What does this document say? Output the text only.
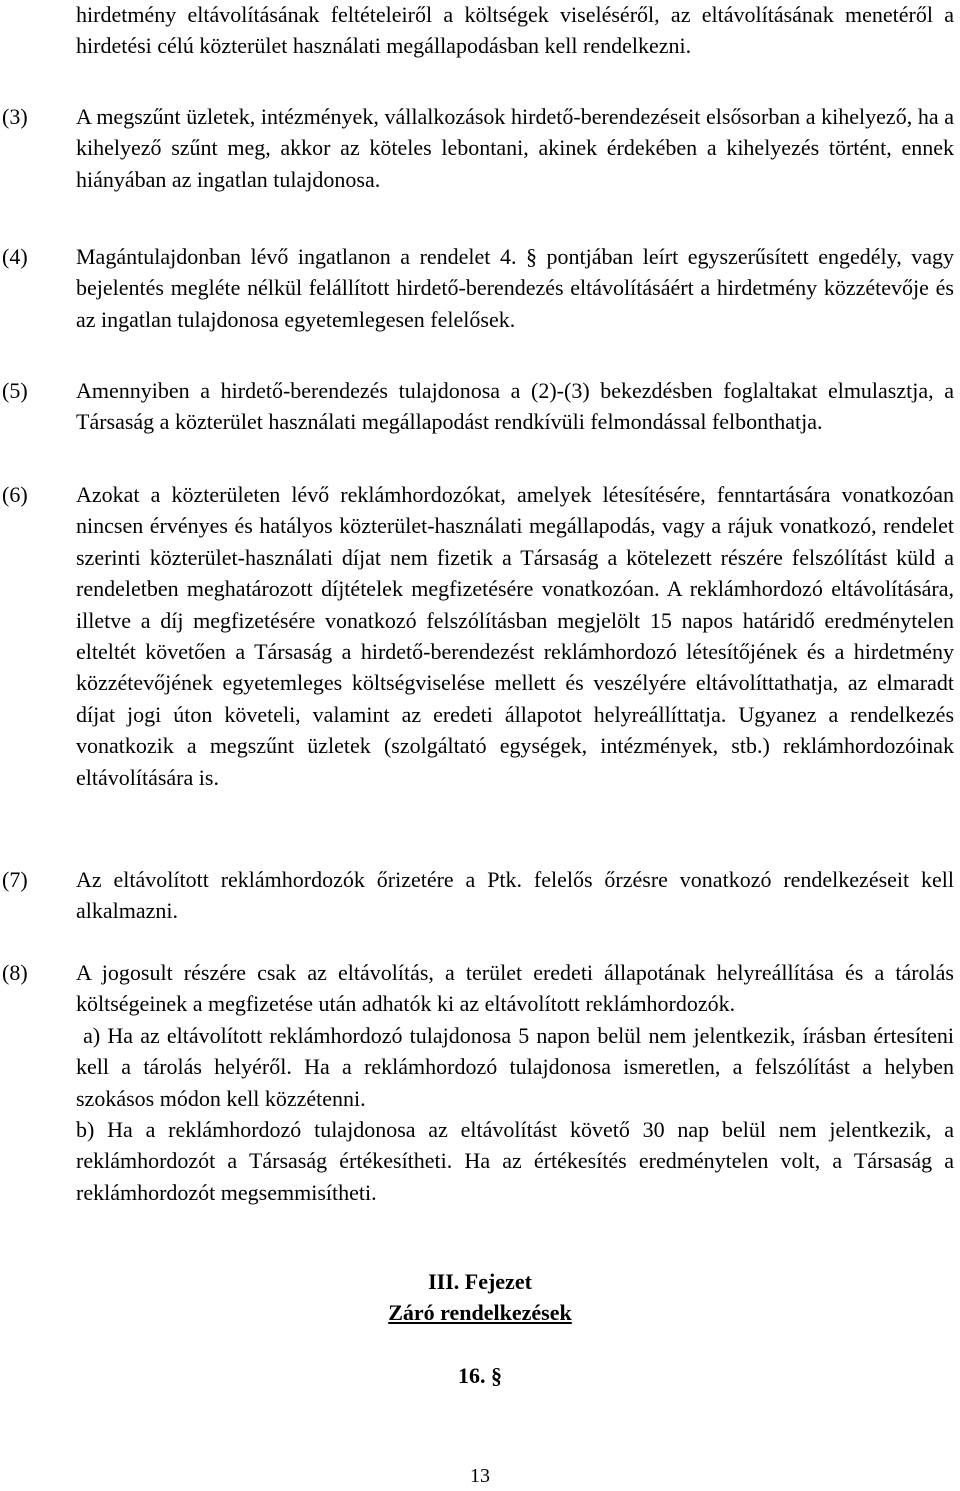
hirdetmény eltávolításának feltételeiről a költségek viseléséről, az eltávolításának menetéről a hirdetési célú közterület használati megállapodásban kell rendelkezni.
(3) A megszűnt üzletek, intézmények, vállalkozások hirdető-berendezéseit elsősorban a kihelyező, ha a kihelyező szűnt meg, akkor az köteles lebontani, akinek érdekében a kihelyezés történt, ennek hiányában az ingatlan tulajdonosa.
(4) Magántulajdonban lévő ingatlanon a rendelet 4. § pontjában leírt egyszerűsített engedély, vagy bejelentés megléte nélkül felállított hirdető-berendezés eltávolításáért a hirdetmény közzétevője és az ingatlan tulajdonosa egyetemlegesen felelősek.
(5) Amennyiben a hirdető-berendezés tulajdonosa a (2)-(3) bekezdésben foglaltakat elmulasztja, a Társaság a közterület használati megállapodást rendkívüli felmondással felbonthatja.
(6) Azokat a közterületen lévő reklámhordozókat, amelyek létesítésére, fenntartására vonatkozóan nincsen érvényes és hatályos közterület-használati megállapodás, vagy a rájuk vonatkozó, rendelet szerinti közterület-használati díjat nem fizetik a Társaság a kötelezett részére felszólítást küld a rendeletben meghatározott díjtételek megfizetésére vonatkozóan. A reklámhordozó eltávolítására, illetve a díj megfizetésére vonatkozó felszólításban megjelölt 15 napos határidő eredménytelen elteltét követően a Társaság a hirdető-berendezést reklámhordozó létesítőjének és a hirdetmény közzétevőjének egyetemleges költségviselése mellett és veszélyére eltávolíttathatja, az elmaradt díjat jogi úton követeli, valamint az eredeti állapotot helyreállíttatja. Ugyanez a rendelkezés vonatkozik a megszűnt üzletek (szolgáltató egységek, intézmények, stb.) reklámhordozóinak eltávolítására is.
(7) Az eltávolított reklámhordozók őrizetére a Ptk. felelős őrzésre vonatkozó rendelkezéseit kell alkalmazni.
(8) A jogosult részére csak az eltávolítás, a terület eredeti állapotának helyreállítása és a tárolás költségeinek a megfizetése után adhatók ki az eltávolított reklámhordozók.
a) Ha az eltávolított reklámhordozó tulajdonosa 5 napon belül nem jelentkezik, írásban értesíteni kell a tárolás helyéről. Ha a reklámhordozó tulajdonosa ismeretlen, a felszólítást a helyben szokásos módon kell közzétenni.
b) Ha a reklámhordozó tulajdonosa az eltávolítást követő 30 nap belül nem jelentkezik, a reklámhordozót a Társaság értékesítheti. Ha az értékesítés eredménytelen volt, a Társaság a reklámhordozót megsemmisítheti.
III. Fejezet
Záró rendelkezések
16. §
13
